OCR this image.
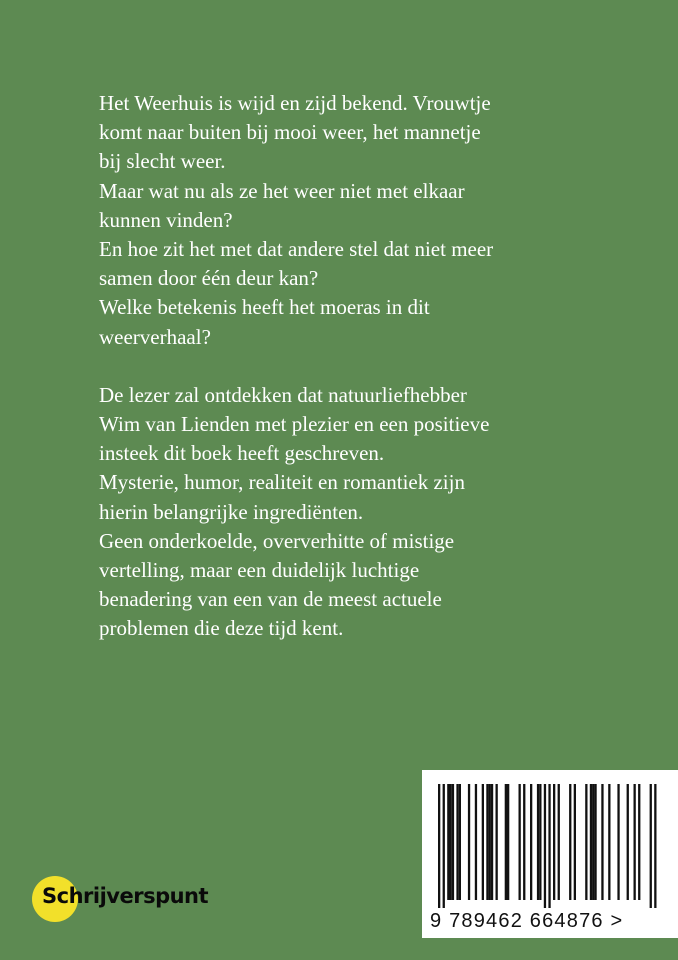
Het Weerhuis is wijd en zijd bekend. Vrouwtje
komt naar buiten bij mooi weer, het mannetje
bij slecht weer.
Maar wat nu als ze het weer niet met elkaar
kunnen vinden?
En hoe zit het met dat andere stel dat niet meer
samen door één deur kan?
Welke betekenis heeft het moeras in dit
weerverhaal?

De lezer zal ontdekken dat natuurliefhebber
Wim van Lienden met plezier en een positieve
insteek dit boek heeft geschreven.
Mysterie, humor, realiteit en romantiek zijn
hierin belangrijke ingrediënten.
Geen onderkoelde, oververhitte of mistige
vertelling, maar een duidelijk luchtige
benadering van een van de meest actuele
problemen die deze tijd kent.

Schrijverspunt
9 789462 664876 >
